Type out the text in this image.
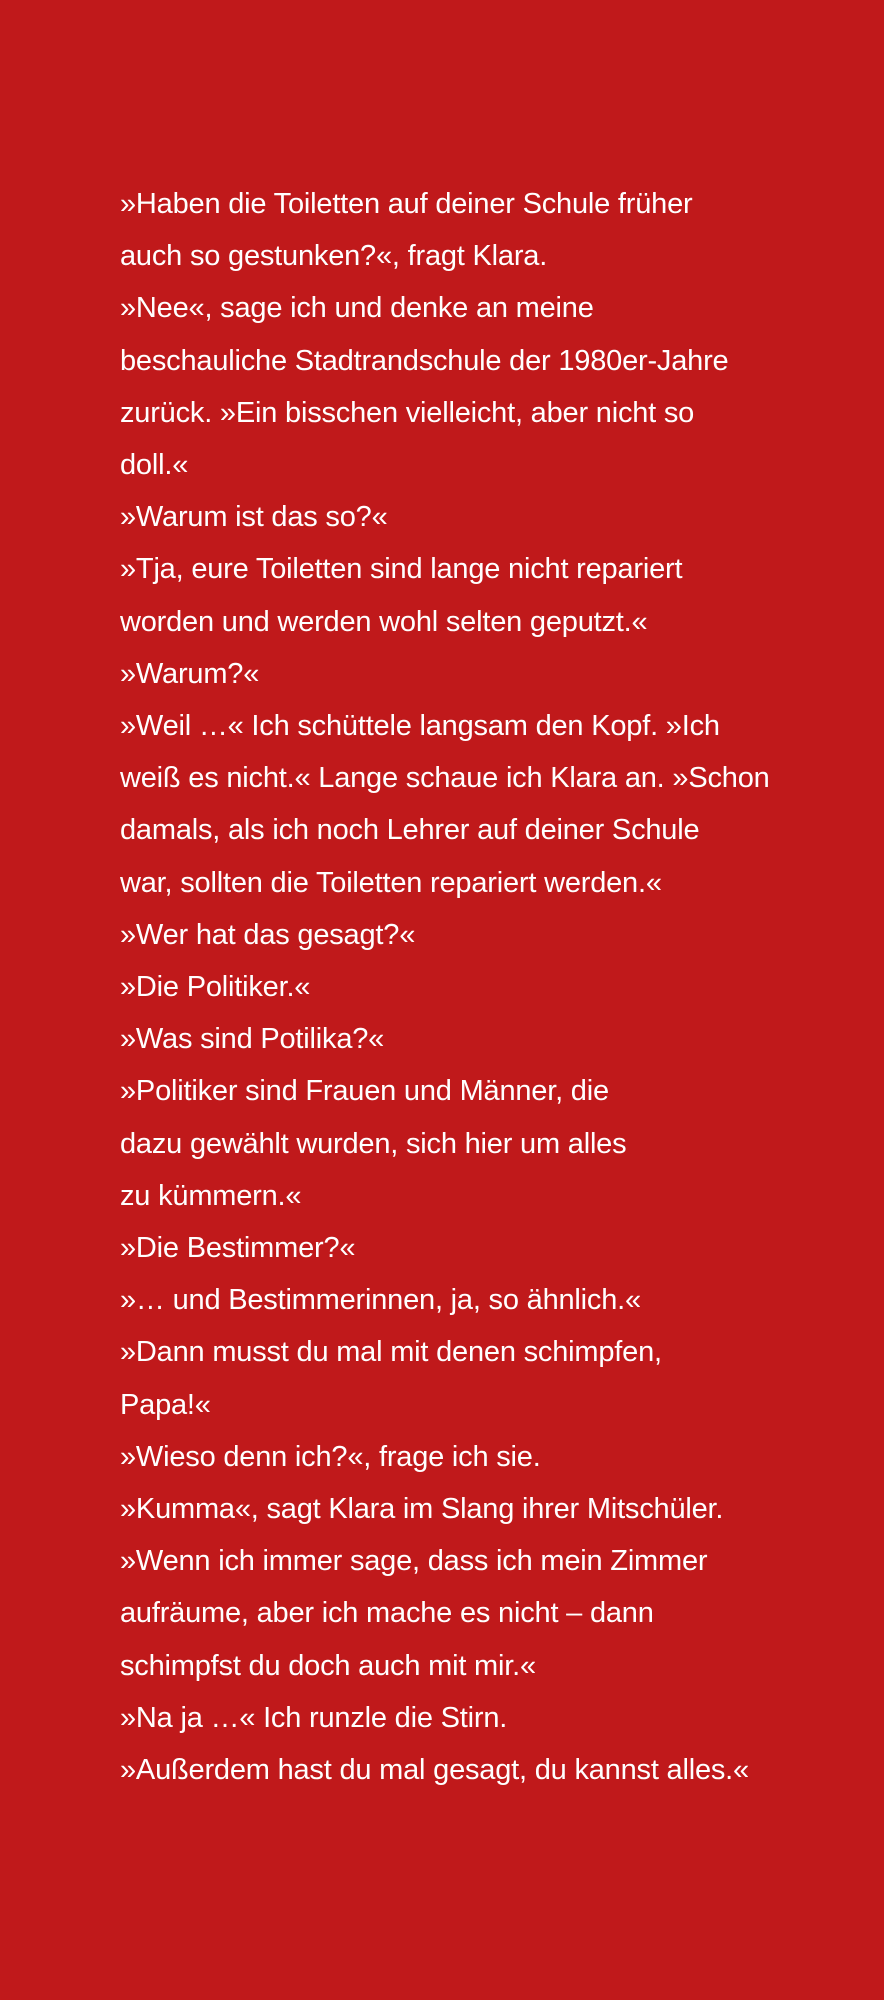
»Haben die Toiletten auf deiner Schule früher
auch so gestunken?«, fragt Klara.
»Nee«, sage ich und denke an meine
beschauliche Stadtrandschule der 1980er-Jahre
zurück. »Ein bisschen vielleicht, aber nicht so
doll.«
»Warum ist das so?«
»Tja, eure Toiletten sind lange nicht repariert
worden und werden wohl selten geputzt.«
»Warum?«
»Weil …« Ich schüttele langsam den Kopf. »Ich
weiß es nicht.« Lange schaue ich Klara an. »Schon
damals, als ich noch Lehrer auf deiner Schule
war, sollten die Toiletten repariert werden.«
»Wer hat das gesagt?«
»Die Politiker.«
»Was sind Potilika?«
»Politiker sind Frauen und Männer, die
dazu gewählt wurden, sich hier um alles
zu kümmern.«
»Die Bestimmer?«
»… und Bestimmerinnen, ja, so ähnlich.«
»Dann musst du mal mit denen schimpfen,
Papa!«
»Wieso denn ich?«, frage ich sie.
»Kumma«, sagt Klara im Slang ihrer Mitschüler.
»Wenn ich immer sage, dass ich mein Zimmer
aufräume, aber ich mache es nicht – dann
schimpfst du doch auch mit mir.«
»Na ja …« Ich runzle die Stirn.
»Außerdem hast du mal gesagt, du kannst alles.«
